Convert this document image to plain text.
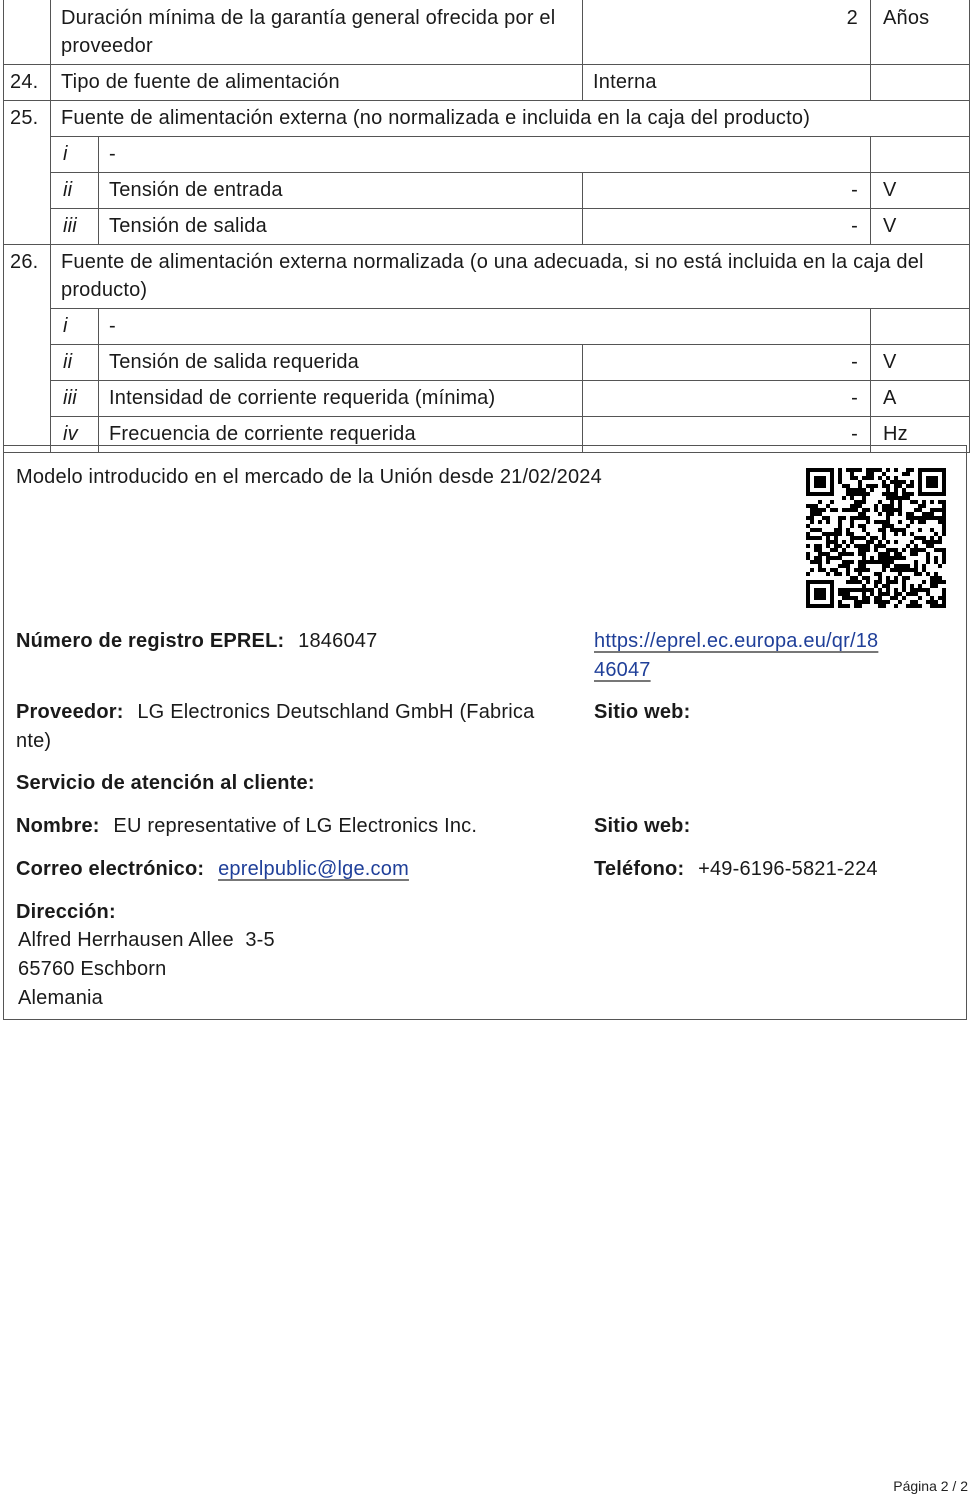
	Duración mínima de la garantía general ofrecida por el proveedor		2	Años
24.	Tipo de fuente de alimentación		Interna	
25.	Fuente de alimentación externa (no normalizada e incluida en la caja del producto)			
	i	-		
	ii	Tensión de entrada	-	V
	iii	Tensión de salida	-	V
26.	Fuente de alimentación externa normalizada (o una adecuada, si no está incluida en la caja del producto)			
	i	-		
	ii	Tensión de salida requerida	-	V
	iii	Intensidad de corriente requerida (mínima)	-	A
	iv	Frecuencia de corriente requerida	-	Hz
Modelo introducido en el mercado de la Unión desde 21/02/2024
Número de registro EPREL: 1846047	https://eprel.ec.europa.eu/qr/18
46047
Proveedor: LG Electronics Deutschland GmbH (Fabrica
nte)
Sitio web:
Servicio de atención al cliente:
Nombre: EU representative of LG Electronics Inc.	Sitio web:
Correo electrónico: eprelpublic@lge.com	Teléfono: +49-6196-5821-224
Dirección:
Alfred Herrhausen Allee  3-5
65760 Eschborn
Alemania
Página 2 / 2
